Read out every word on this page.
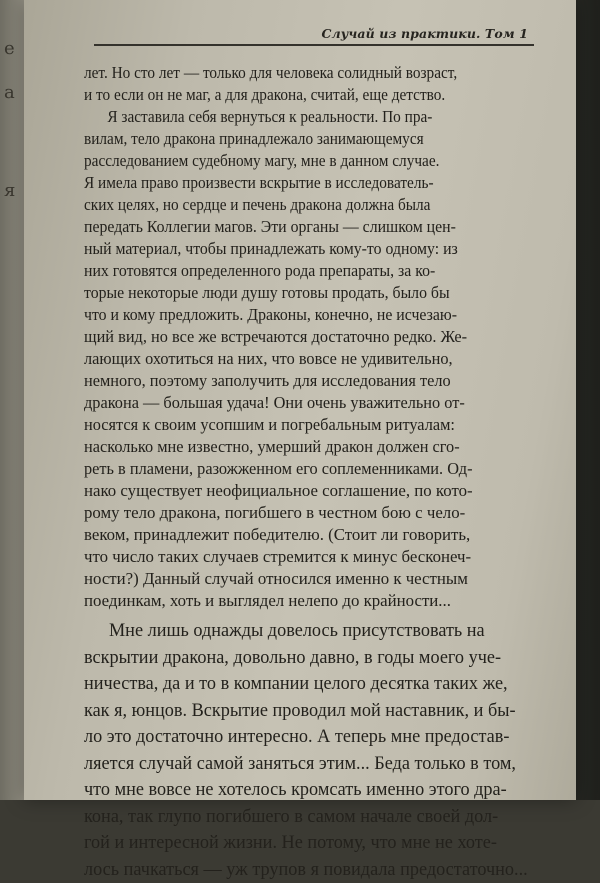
е
а
я
Случай из практики. Том 1
лет. Но сто лет — только для человека солидный возраст,
и то если он не маг, а для дракона, считай, еще детство.
Я заставила себя вернуться к реальности. По пра-
вилам, тело дракона принадлежало занимающемуся
расследованием судебному магу, мне в данном случае.
Я имела право произвести вскрытие в исследователь-
ских целях, но сердце и печень дракона должна была
передать Коллегии магов. Эти органы — слишком цен-
ный материал, чтобы принадлежать кому-то одному: из
них готовятся определенного рода препараты, за ко-
торые некоторые люди душу готовы продать, было бы
что и кому предложить. Драконы, конечно, не исчезаю-
щий вид, но все же встречаются достаточно редко. Же-
лающих охотиться на них, что вовсе не удивительно,
немного, поэтому заполучить для исследования тело
дракона — большая удача! Они очень уважительно от-
носятся к своим усопшим и погребальным ритуалам:
насколько мне известно, умерший дракон должен сго-
реть в пламени, разожженном его соплеменниками. Од-
нако существует неофициальное соглашение, по кото-
рому тело дракона, погибшего в честном бою с чело-
веком, принадлежит победителю. (Стоит ли говорить,
что число таких случаев стремится к минус бесконеч-
ности?) Данный случай относился именно к честным
поединкам, хоть и выглядел нелепо до крайности...
Мне лишь однажды довелось присутствовать на
вскрытии дракона, довольно давно, в годы моего уче-
ничества, да и то в компании целого десятка таких же,
как я, юнцов. Вскрытие проводил мой наставник, и бы-
ло это достаточно интересно. А теперь мне предостав-
ляется случай самой заняться этим... Беда только в том,
что мне вовсе не хотелось кромсать именно этого дра-
кона, так глупо погибшего в самом начале своей дол-
гой и интересной жизни. Не потому, что мне не хоте-
лось пачкаться — уж трупов я повидала предостаточно...
